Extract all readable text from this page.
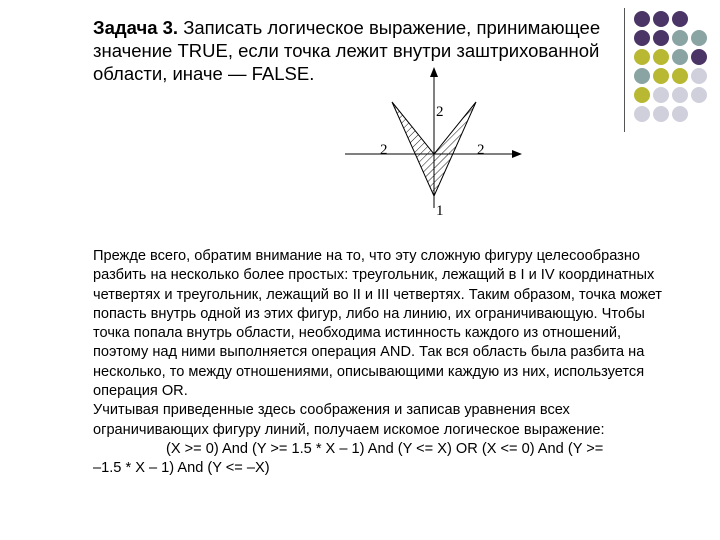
Задача 3. Записать логическое выражение, принимающее значение TRUE, если точка лежит внутри заштрихованной области, иначе — FALSE.
2
2	2
1

Прежде всего, обратим внимание на то, что эту сложную фигуру целесообразно разбить на несколько более простых: треугольник, лежащий в I и IV координатных четвертях и треугольник, лежащий во II и III четвертях. Таким образом, точка может попасть внутрь одной из этих фигур, либо на линию, их ограничивающую. Чтобы точка попала внутрь области, необходима истинность каждого из отношений, поэтому над ними выполняется операция AND. Так вся область была разбита на несколько, то между отношениями, описывающими каждую из них, используется операция OR.

Учитывая приведенные здесь соображения и записав уравнения всех ограничивающих фигуру линий, получаем искомое логическое выражение:

(X >= 0) And (Y >= 1.5 * X – 1) And (Y <= X) OR (X <= 0) And (Y >=

–1.5 * X – 1) And (Y <= –X)
